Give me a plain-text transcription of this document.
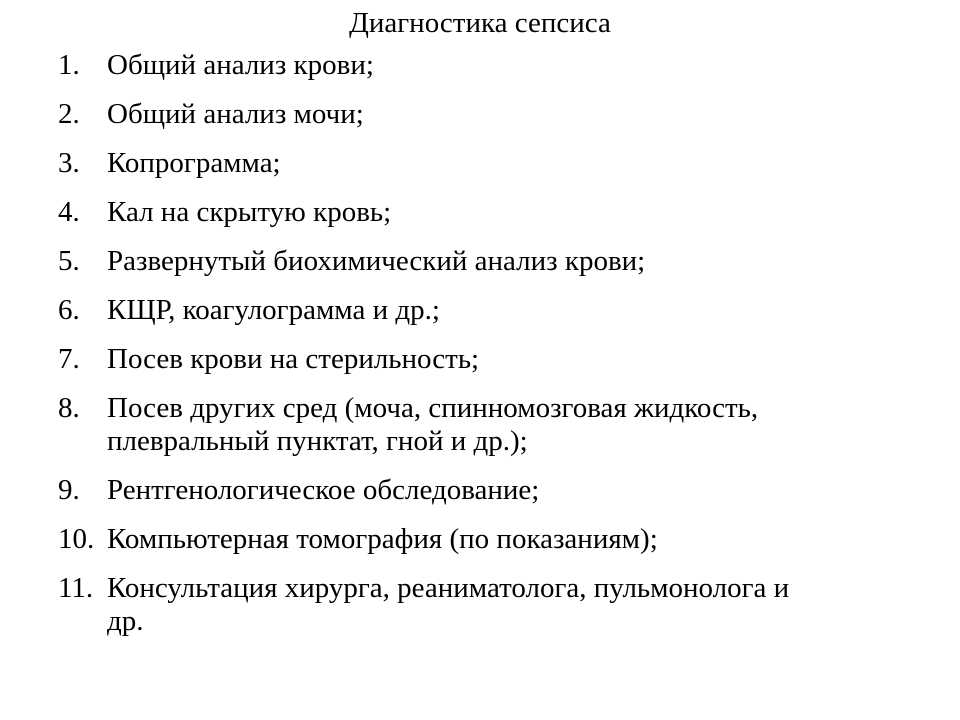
Диагностика сепсиса
1. Общий анализ крови;
2. Общий анализ мочи;
3. Копрограмма;
4. Кал на скрытую кровь;
5. Развернутый биохимический анализ крови;
6. КЩР, коагулограмма и др.;
7. Посев крови на стерильность;
8. Посев других сред (моча, спинномозговая жидкость,
плевральный пунктат, гной и др.);
9. Рентгенологическое обследование;
10. Компьютерная томография (по показаниям);
11. Консультация хирурга, реаниматолога, пульмонолога и
др.
